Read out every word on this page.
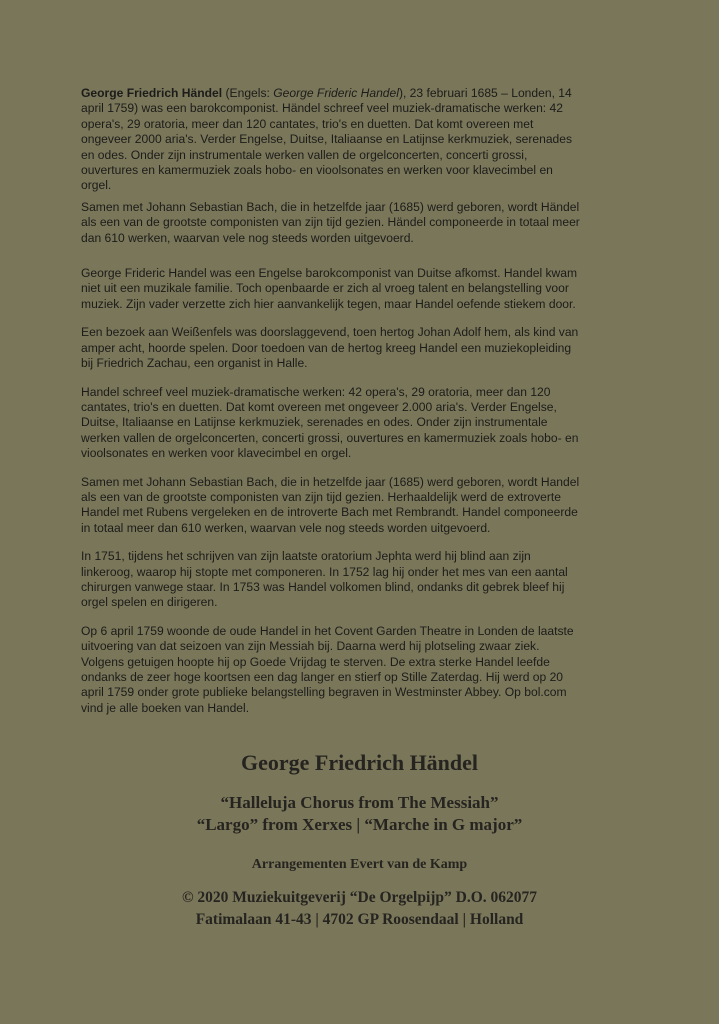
George Friedrich Händel (Engels: George Frideric Handel), 23 februari 1685 – Londen, 14 april 1759) was een barokcomponist. Händel schreef veel muziek-dramatische werken: 42 opera's, 29 oratoria, meer dan 120 cantates, trio's en duetten. Dat komt overeen met ongeveer 2000 aria's. Verder Engelse, Duitse, Italiaanse en Latijnse kerkmuziek, serenades en odes. Onder zijn instrumentale werken vallen de orgelconcerten, concerti grossi, ouvertures en kamermuziek zoals hobo- en vioolsonates en werken voor klavecimbel en orgel.

Samen met Johann Sebastian Bach, die in hetzelfde jaar (1685) werd geboren, wordt Händel als een van de grootste componisten van zijn tijd gezien. Händel componeerde in totaal meer dan 610 werken, waarvan vele nog steeds worden uitgevoerd.

George Frideric Handel was een Engelse barokcomponist van Duitse afkomst. Handel kwam niet uit een muzikale familie. Toch openbaarde er zich al vroeg talent en belangstelling voor muziek. Zijn vader verzette zich hier aanvankelijk tegen, maar Handel oefende stiekem door.

Een bezoek aan Weißenfels was doorslaggevend, toen hertog Johan Adolf hem, als kind van amper acht, hoorde spelen. Door toedoen van de hertog kreeg Handel een muziekopleiding bij Friedrich Zachau, een organist in Halle.

Handel schreef veel muziek-dramatische werken: 42 opera's, 29 oratoria, meer dan 120 cantates, trio's en duetten. Dat komt overeen met ongeveer 2.000 aria's. Verder Engelse, Duitse, Italiaanse en Latijnse kerkmuziek, serenades en odes. Onder zijn instrumentale werken vallen de orgelconcerten, concerti grossi, ouvertures en kamermuziek zoals hobo- en vioolsonates en werken voor klavecimbel en orgel.

Samen met Johann Sebastian Bach, die in hetzelfde jaar (1685) werd geboren, wordt Handel als een van de grootste componisten van zijn tijd gezien. Herhaaldelijk werd de extroverte Handel met Rubens vergeleken en de introverte Bach met Rembrandt. Handel componeerde in totaal meer dan 610 werken, waarvan vele nog steeds worden uitgevoerd.

In 1751, tijdens het schrijven van zijn laatste oratorium Jephta werd hij blind aan zijn linkeroog, waarop hij stopte met componeren. In 1752 lag hij onder het mes van een aantal chirurgen vanwege staar. In 1753 was Handel volkomen blind, ondanks dit gebrek bleef hij orgel spelen en dirigeren.

Op 6 april 1759 woonde de oude Handel in het Covent Garden Theatre in Londen de laatste uitvoering van dat seizoen van zijn Messiah bij. Daarna werd hij plotseling zwaar ziek. Volgens getuigen hoopte hij op Goede Vrijdag te sterven. De extra sterke Handel leefde ondanks de zeer hoge koortsen een dag langer en stierf op Stille Zaterdag. Hij werd op 20 april 1759 onder grote publieke belangstelling begraven in Westminster Abbey. Op bol.com vind je alle boeken van Handel.

George Friedrich Händel
“Halleluja Chorus from The Messiah”
“Largo” from Xerxes | “Marche in G major”
Arrangementen Evert van de Kamp
© 2020 Muziekuitgeverij “De Orgelpijp” D.O. 062077
Fatimalaan 41-43 | 4702 GP Roosendaal | Holland
